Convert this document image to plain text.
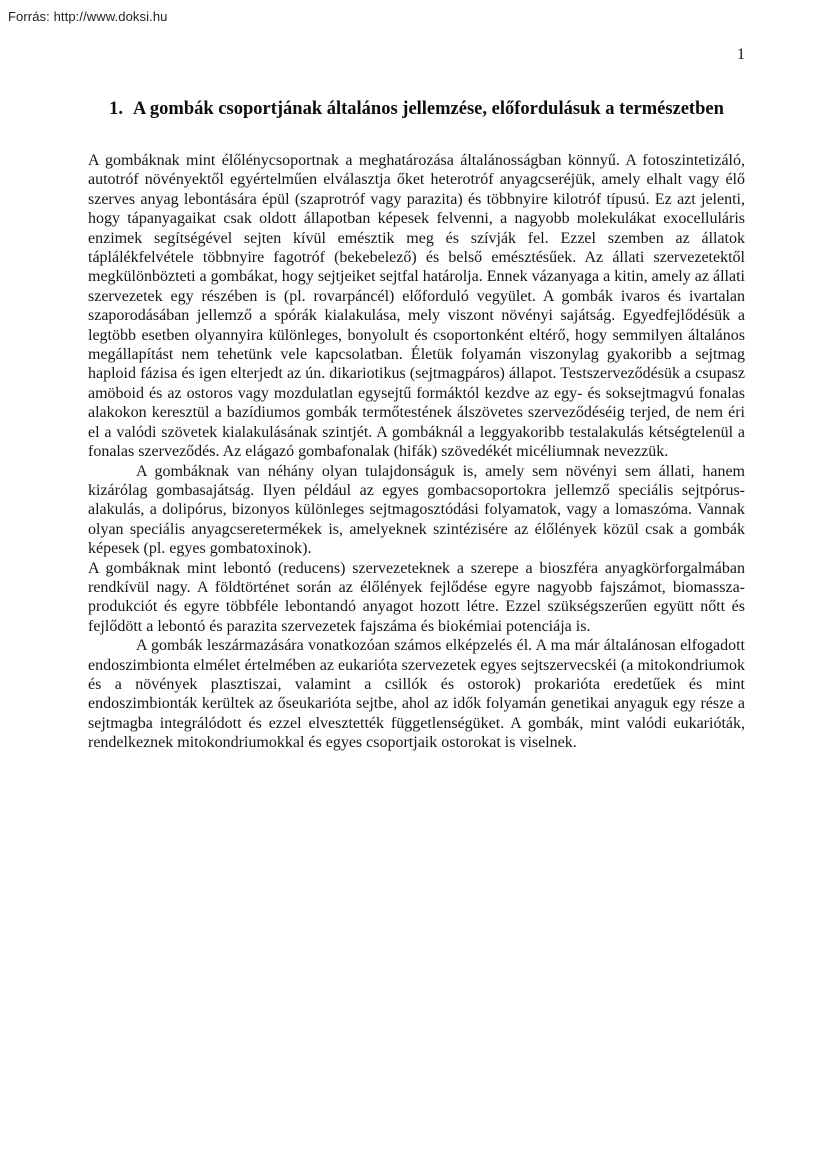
Forrás: http://www.doksi.hu
1
1. A gombák csoportjának általános jellemzése, előfordulásuk a természetben

A gombáknak mint élőlénycsoportnak a meghatározása általánosságban könnyű. A fotoszintetizáló, autotróf növényektől egyértelműen elválasztja őket heterotróf anyagcseréjük, amely elhalt vagy élő szerves anyag lebontására épül (szaprotróf vagy parazita) és többnyire kilotróf típusú. Ez azt jelenti, hogy tápanyagaikat csak oldott állapotban képesek felvenni, a nagyobb molekulákat exocelluláris enzimek segítségével sejten kívül emésztik meg és szívják fel. Ezzel szemben az állatok táplálékfelvétele többnyire fagotróf (bekebelező) és belső emésztésűek. Az állati szervezetektől megkülönbözteti a gombákat, hogy sejtjeiket sejtfal határolja. Ennek vázanyaga a kitin, amely az állati szervezetek egy részében is (pl. rovarpáncél) előforduló vegyület. A gombák ivaros és ivartalan szaporodásában jellemző a spórák kialakulása, mely viszont növényi sajátság. Egyedfejlődésük a legtöbb esetben olyannyira különleges, bonyolult és csoportonként eltérő, hogy semmilyen általános megállapítást nem tehetünk vele kapcsolatban. Életük folyamán viszonylag gyakoribb a sejtmag haploid fázisa és igen elterjedt az ún. dikariotikus (sejtmagpáros) állapot. Testszerveződésük a csupasz amöboid és az ostoros vagy mozdulatlan egysejtű formáktól kezdve az egy- és soksejtmagvú fonalas alakokon keresztül a bazídiumos gombák termőtestének álszövetes szerveződéséig terjed, de nem éri el a valódi szövetek kialakulásának szintjét. A gombáknál a leggyakoribb testalakulás kétségtelenül a fonalas szerveződés. Az elágazó gombafonalak (hifák) szövedékét micéliumnak nevezzük.

A gombáknak van néhány olyan tulajdonságuk is, amely sem növényi sem állati, hanem kizárólag gombasajátság. Ilyen például az egyes gombacsoportokra jellemző speciális sejtpórus-alakulás, a dolipórus, bizonyos különleges sejtmagosztódási folyamatok, vagy a lomaszóma. Vannak olyan speciális anyagcseretermékek is, amelyeknek szintézisére az élőlények közül csak a gombák képesek (pl. egyes gombatoxinok).

A gombáknak mint lebontó (reducens) szervezeteknek a szerepe a bioszféra anyagkörforgalmában rendkívül nagy. A földtörténet során az élőlények fejlődése egyre nagyobb fajszámot, biomassza-produkciót és egyre többféle lebontandó anyagot hozott létre. Ezzel szükségszerűen együtt nőtt és fejlődött a lebontó és parazita szervezetek fajszáma és biokémiai potenciája is.

A gombák leszármazására vonatkozóan számos elképzelés él. A ma már általánosan elfogadott endoszimbionta elmélet értelmében az eukarióta szervezetek egyes sejtszervecskéi (a mitokondriumok és a növények plasztiszai, valamint a csillók és ostorok) prokarióta eredetűek és mint endoszimbionták kerültek az őseukarióta sejtbe, ahol az idők folyamán genetikai anyaguk egy része a sejtmagba integrálódott és ezzel elvesztették függetlenségüket. A gombák, mint valódi eukarióták, rendelkeznek mitokondriumokkal és egyes csoportjaik ostorokat is viselnek.
